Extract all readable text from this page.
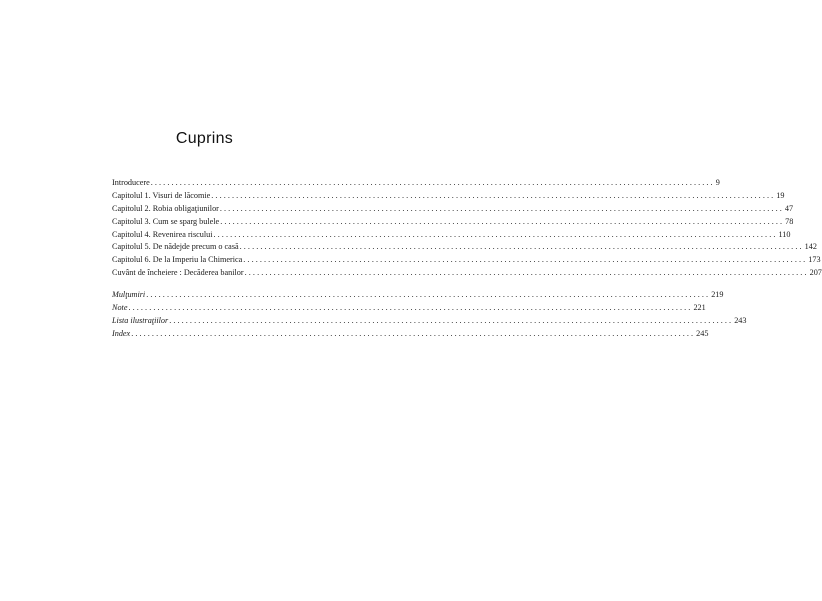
Cuprins
Introducere ........................................................................................................................................ 9
Capitolul 1. Visuri de lăcomie ........................................................................................................................................ 19
Capitolul 2. Robia obligaţiunilor ........................................................................................................................................ 47
Capitolul 3. Cum se sparg bulele ........................................................................................................................................ 78
Capitolul 4. Revenirea riscului ........................................................................................................................................ 110
Capitolul 5. De nădejde precum o casă ........................................................................................................................................ 142
Capitolul 6. De la Imperiu la Chimerica ........................................................................................................................................ 173
Cuvânt de încheiere : Decăderea banilor ........................................................................................................................................ 207
Mulţumiri ........................................................................................................................................ 219
Note ........................................................................................................................................ 221
Lista ilustraţiilor ........................................................................................................................................ 243
Index ........................................................................................................................................ 245
